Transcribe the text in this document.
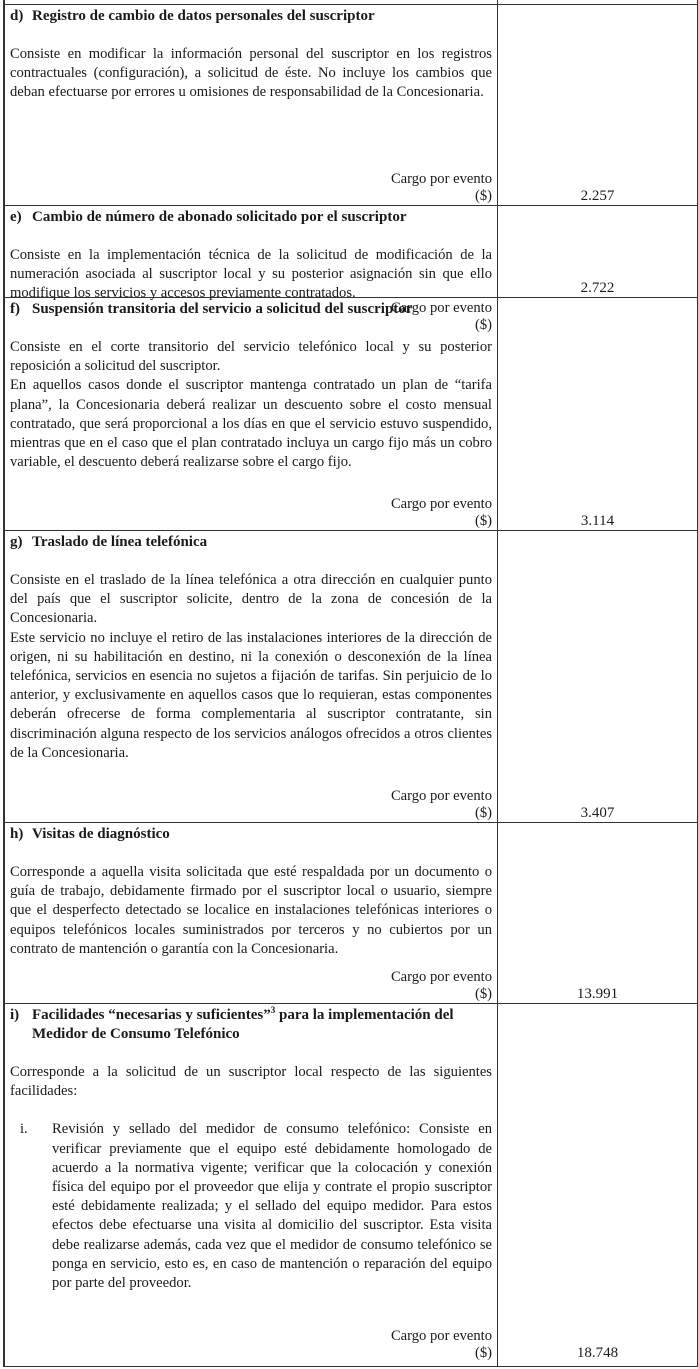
d) Registro de cambio de datos personales del suscriptor

Consiste en modificar la información personal del suscriptor en los registros contractuales (configuración), a solicitud de éste. No incluye los cambios que deban efectuarse por errores u omisiones de responsabilidad de la Concesionaria.

Cargo por evento
($)	2.257
e) Cambio de número de abonado solicitado por el suscriptor

Consiste en la implementación técnica de la solicitud de modificación de la numeración asociada al suscriptor local y su posterior asignación sin que ello modifique los servicios y accesos previamente contratados.

Cargo por evento
($)
2.722
f) Suspensión transitoria del servicio a solicitud del suscriptor

Consiste en el corte transitorio del servicio telefónico local y su posterior reposición a solicitud del suscriptor.

En aquellos casos donde el suscriptor mantenga contratado un plan de “tarifa plana”, la Concesionaria deberá realizar un descuento sobre el costo mensual contratado, que será proporcional a los días en que el servicio estuvo suspendido, mientras que en el caso que el plan contratado incluya un cargo fijo más un cobro variable, el descuento deberá realizarse sobre el cargo fijo.

Cargo por evento
($)	3.114
g) Traslado de línea telefónica

Consiste en el traslado de la línea telefónica a otra dirección en cualquier punto del país que el suscriptor solicite, dentro de la zona de concesión de la Concesionaria.

Este servicio no incluye el retiro de las instalaciones interiores de la dirección de origen, ni su habilitación en destino, ni la conexión o desconexión de la línea telefónica, servicios en esencia no sujetos a fijación de tarifas. Sin perjuicio de lo anterior, y exclusivamente en aquellos casos que lo requieran, estas componentes deberán ofrecerse de forma complementaria al suscriptor contratante, sin discriminación alguna respecto de los servicios análogos ofrecidos a otros clientes de la Concesionaria.

Cargo por evento
($)	3.407
h) Visitas de diagnóstico

Corresponde a aquella visita solicitada que esté respaldada por un documento o guía de trabajo, debidamente firmado por el suscriptor local o usuario, siempre que el desperfecto detectado se localice en instalaciones telefónicas interiores o equipos telefónicos locales suministrados por terceros y no cubiertos por un contrato de mantención o garantía con la Concesionaria.

Cargo por evento
($)	13.991
i) Facilidades “necesarias y suficientes”$^3$ para la implementación del Medidor de Consumo Telefónico

Corresponde a la solicitud de un suscriptor local respecto de las siguientes facilidades:

i.	Revisión y sellado del medidor de consumo telefónico: Consiste en verificar previamente que el equipo esté debidamente homologado de acuerdo a la normativa vigente; verificar que la colocación y conexión física del equipo por el proveedor que elija y contrate el propio suscriptor esté debidamente realizada; y el sellado del equipo medidor. Para estos efectos debe efectuarse una visita al domicilio del suscriptor. Esta visita debe realizarse además, cada vez que el medidor de consumo telefónico se ponga en servicio, esto es, en caso de mantención o reparación del equipo por parte del proveedor.
Cargo por evento
($)	18.748
